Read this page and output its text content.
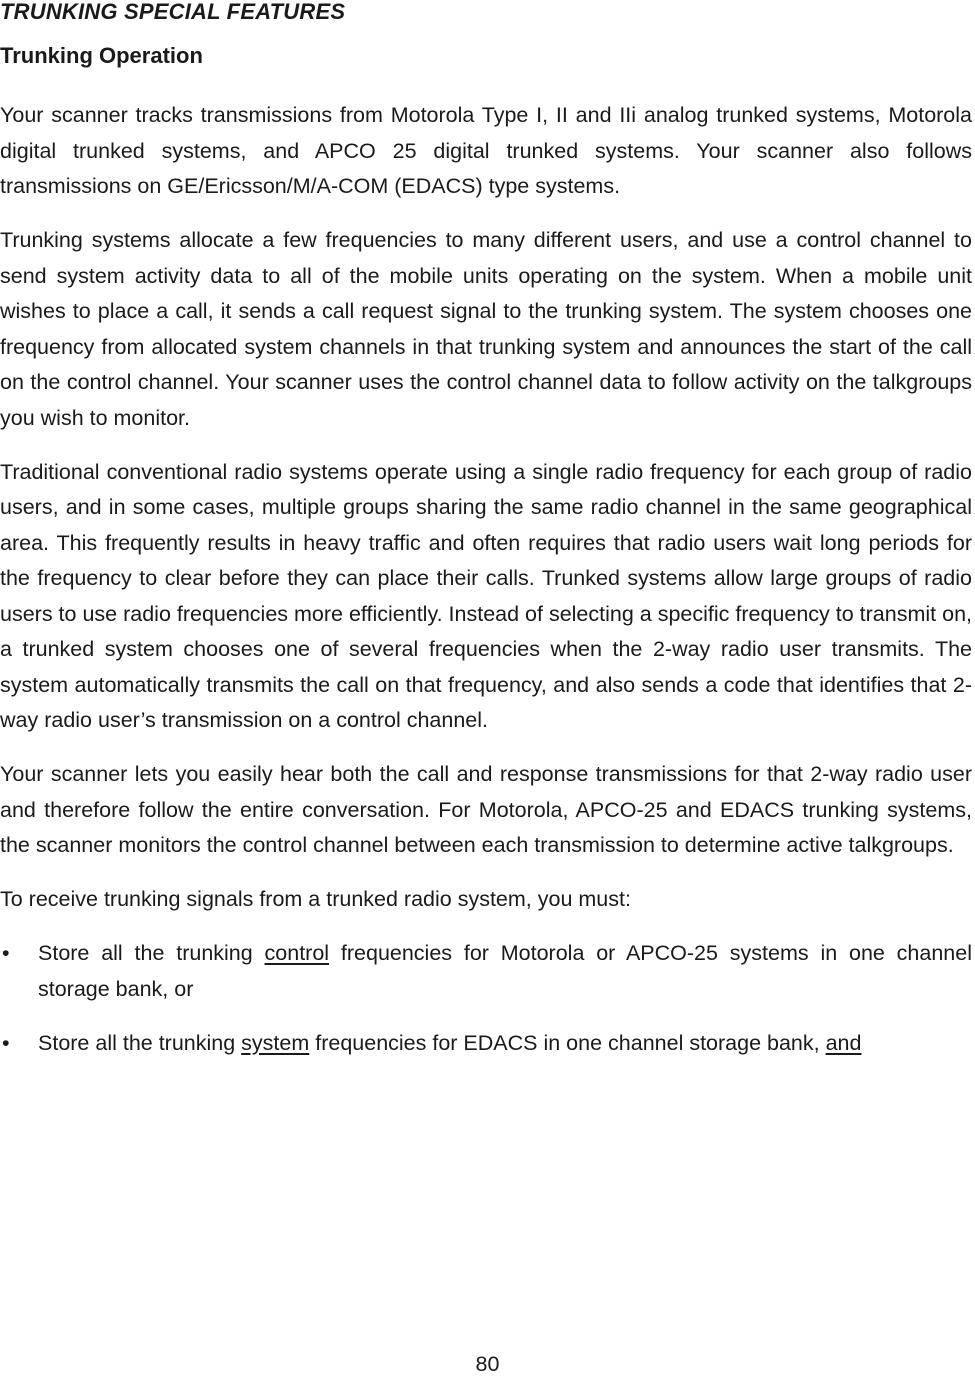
TRUNKING SPECIAL FEATURES
Trunking Operation

Your scanner tracks transmissions from Motorola Type I, II and IIi analog trunked systems, Motorola digital trunked systems, and APCO 25 digital trunked systems. Your scanner also follows transmissions on GE/Ericsson/M/A-COM (EDACS) type systems.

Trunking systems allocate a few frequencies to many different users, and use a control channel to send system activity data to all of the mobile units operating on the system. When a mobile unit wishes to place a call, it sends a call request signal to the trunking system. The system chooses one frequency from allocated system channels in that trunking system and announces the start of the call on the control channel. Your scanner uses the control channel data to follow activity on the talkgroups you wish to monitor.

Traditional conventional radio systems operate using a single radio frequency for each group of radio users, and in some cases, multiple groups sharing the same radio channel in the same geographical area. This frequently results in heavy traffic and often requires that radio users wait long periods for the frequency to clear before they can place their calls. Trunked systems allow large groups of radio users to use radio frequencies more efficiently. Instead of selecting a specific frequency to transmit on, a trunked system chooses one of several frequencies when the 2-way radio user transmits. The system automatically transmits the call on that frequency, and also sends a code that identifies that 2-way radio user’s transmission on a control channel.

Your scanner lets you easily hear both the call and response transmissions for that 2-way radio user and therefore follow the entire conversation. For Motorola, APCO-25 and EDACS trunking systems, the scanner monitors the control channel between each transmission to determine active talkgroups.

To receive trunking signals from a trunked radio system, you must:

• Store all the trunking control frequencies for Motorola or APCO-25 systems in one channel storage bank, or
• Store all the trunking system frequencies for EDACS in one channel storage bank, and
80
